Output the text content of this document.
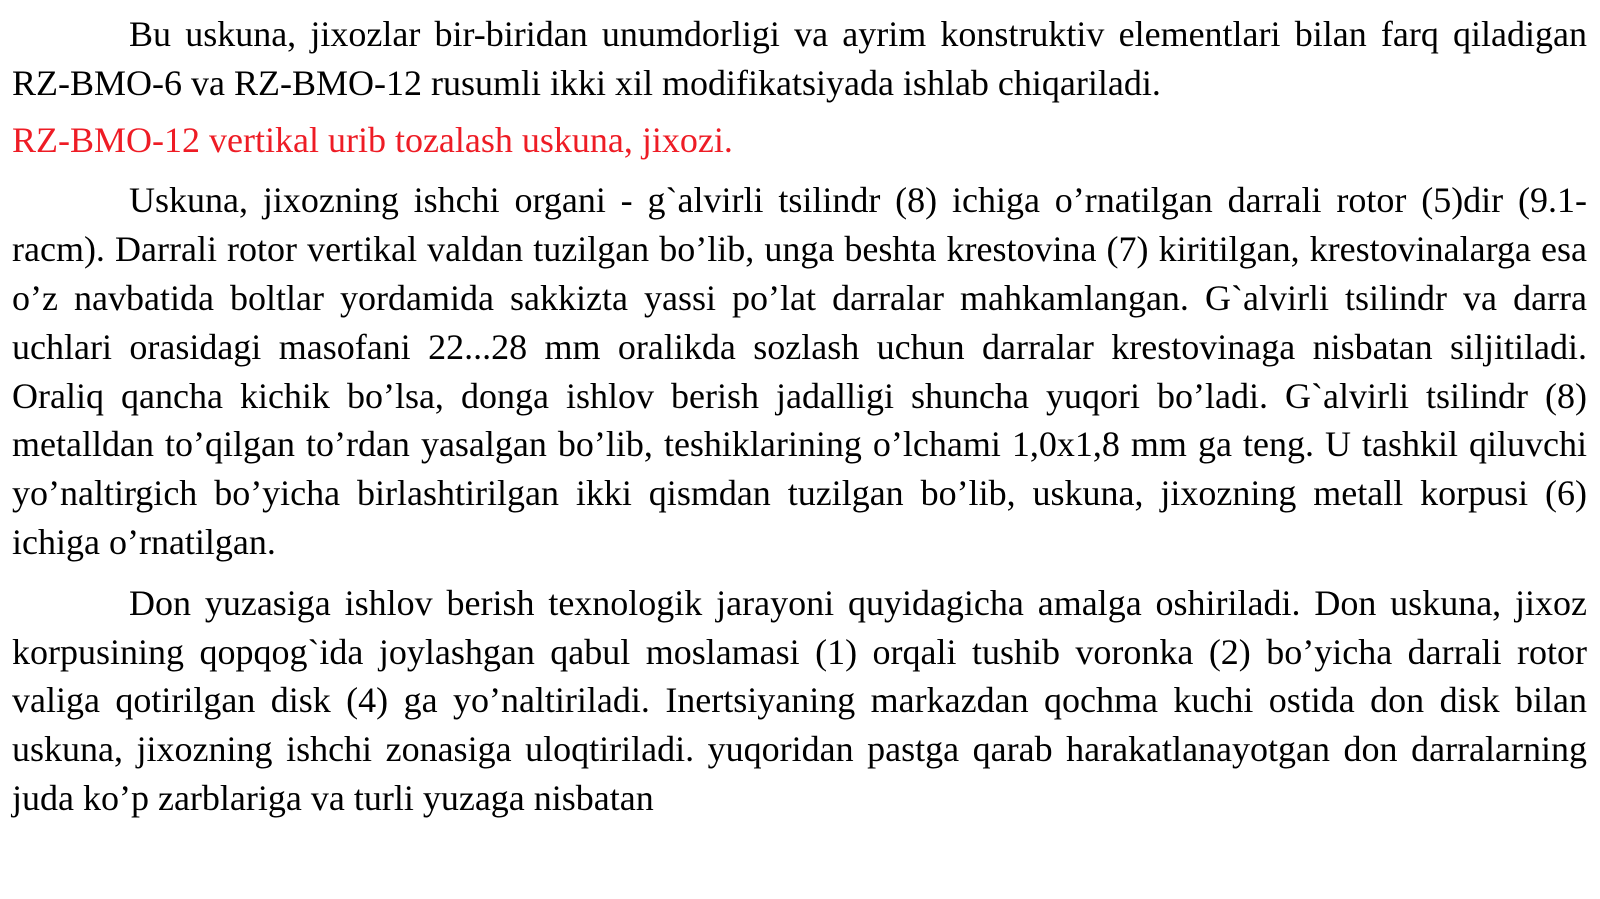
Bu uskuna, jixozlar bir-biridan unumdorligi va ayrim konstruktiv elementlari bilan farq qiladigan RZ-BMO-6 va RZ-BMO-12 rusumli ikki xil modifikatsiyada ishlab chiqariladi.

RZ-BMO-12 vertikal urib tozalash uskuna, jixozi.

Uskuna, jixozning ishchi organi - g`alvirli tsilindr (8) ichiga o’rnatilgan darrali rotor (5)dir (9.1-racm). Darrali rotor vertikal valdan tuzilgan bo’lib, unga beshta krestovina (7) kiritilgan, krestovinalarga esa o’z navbatida boltlar yordamida sakkizta yassi po’lat darralar mahkamlangan. G`alvirli tsilindr va darra uchlari orasidagi masofani 22...28 mm oralikda sozlash uchun darralar krestovinaga nisbatan siljitiladi. Oraliq qancha kichik bo’lsa, donga ishlov berish jadalligi shuncha yuqori bo’ladi. G`alvirli tsilindr (8) metalldan to’qilgan to’rdan yasalgan bo’lib, teshiklarining o’lchami 1,0x1,8 mm ga teng. U tashkil qiluvchi yo’naltirgich bo’yicha birlashtirilgan ikki qismdan tuzilgan bo’lib, uskuna, jixozning metall korpusi (6) ichiga o’rnatilgan.

Don yuzasiga ishlov berish texnologik jarayoni quyidagicha amalga oshiriladi. Don uskuna, jixoz korpusining qopqog`ida joylashgan qabul moslamasi (1) orqali tushib voronka (2) bo’yicha darrali rotor valiga qotirilgan disk (4) ga yo’naltiriladi. Inertsiyaning markazdan qochma kuchi ostida don disk bilan uskuna, jixozning ishchi zonasiga uloqtiriladi. yuqoridan pastga qarab harakatlanayotgan don darralarning juda ko’p zarblariga va turli yuzaga nisbatan
